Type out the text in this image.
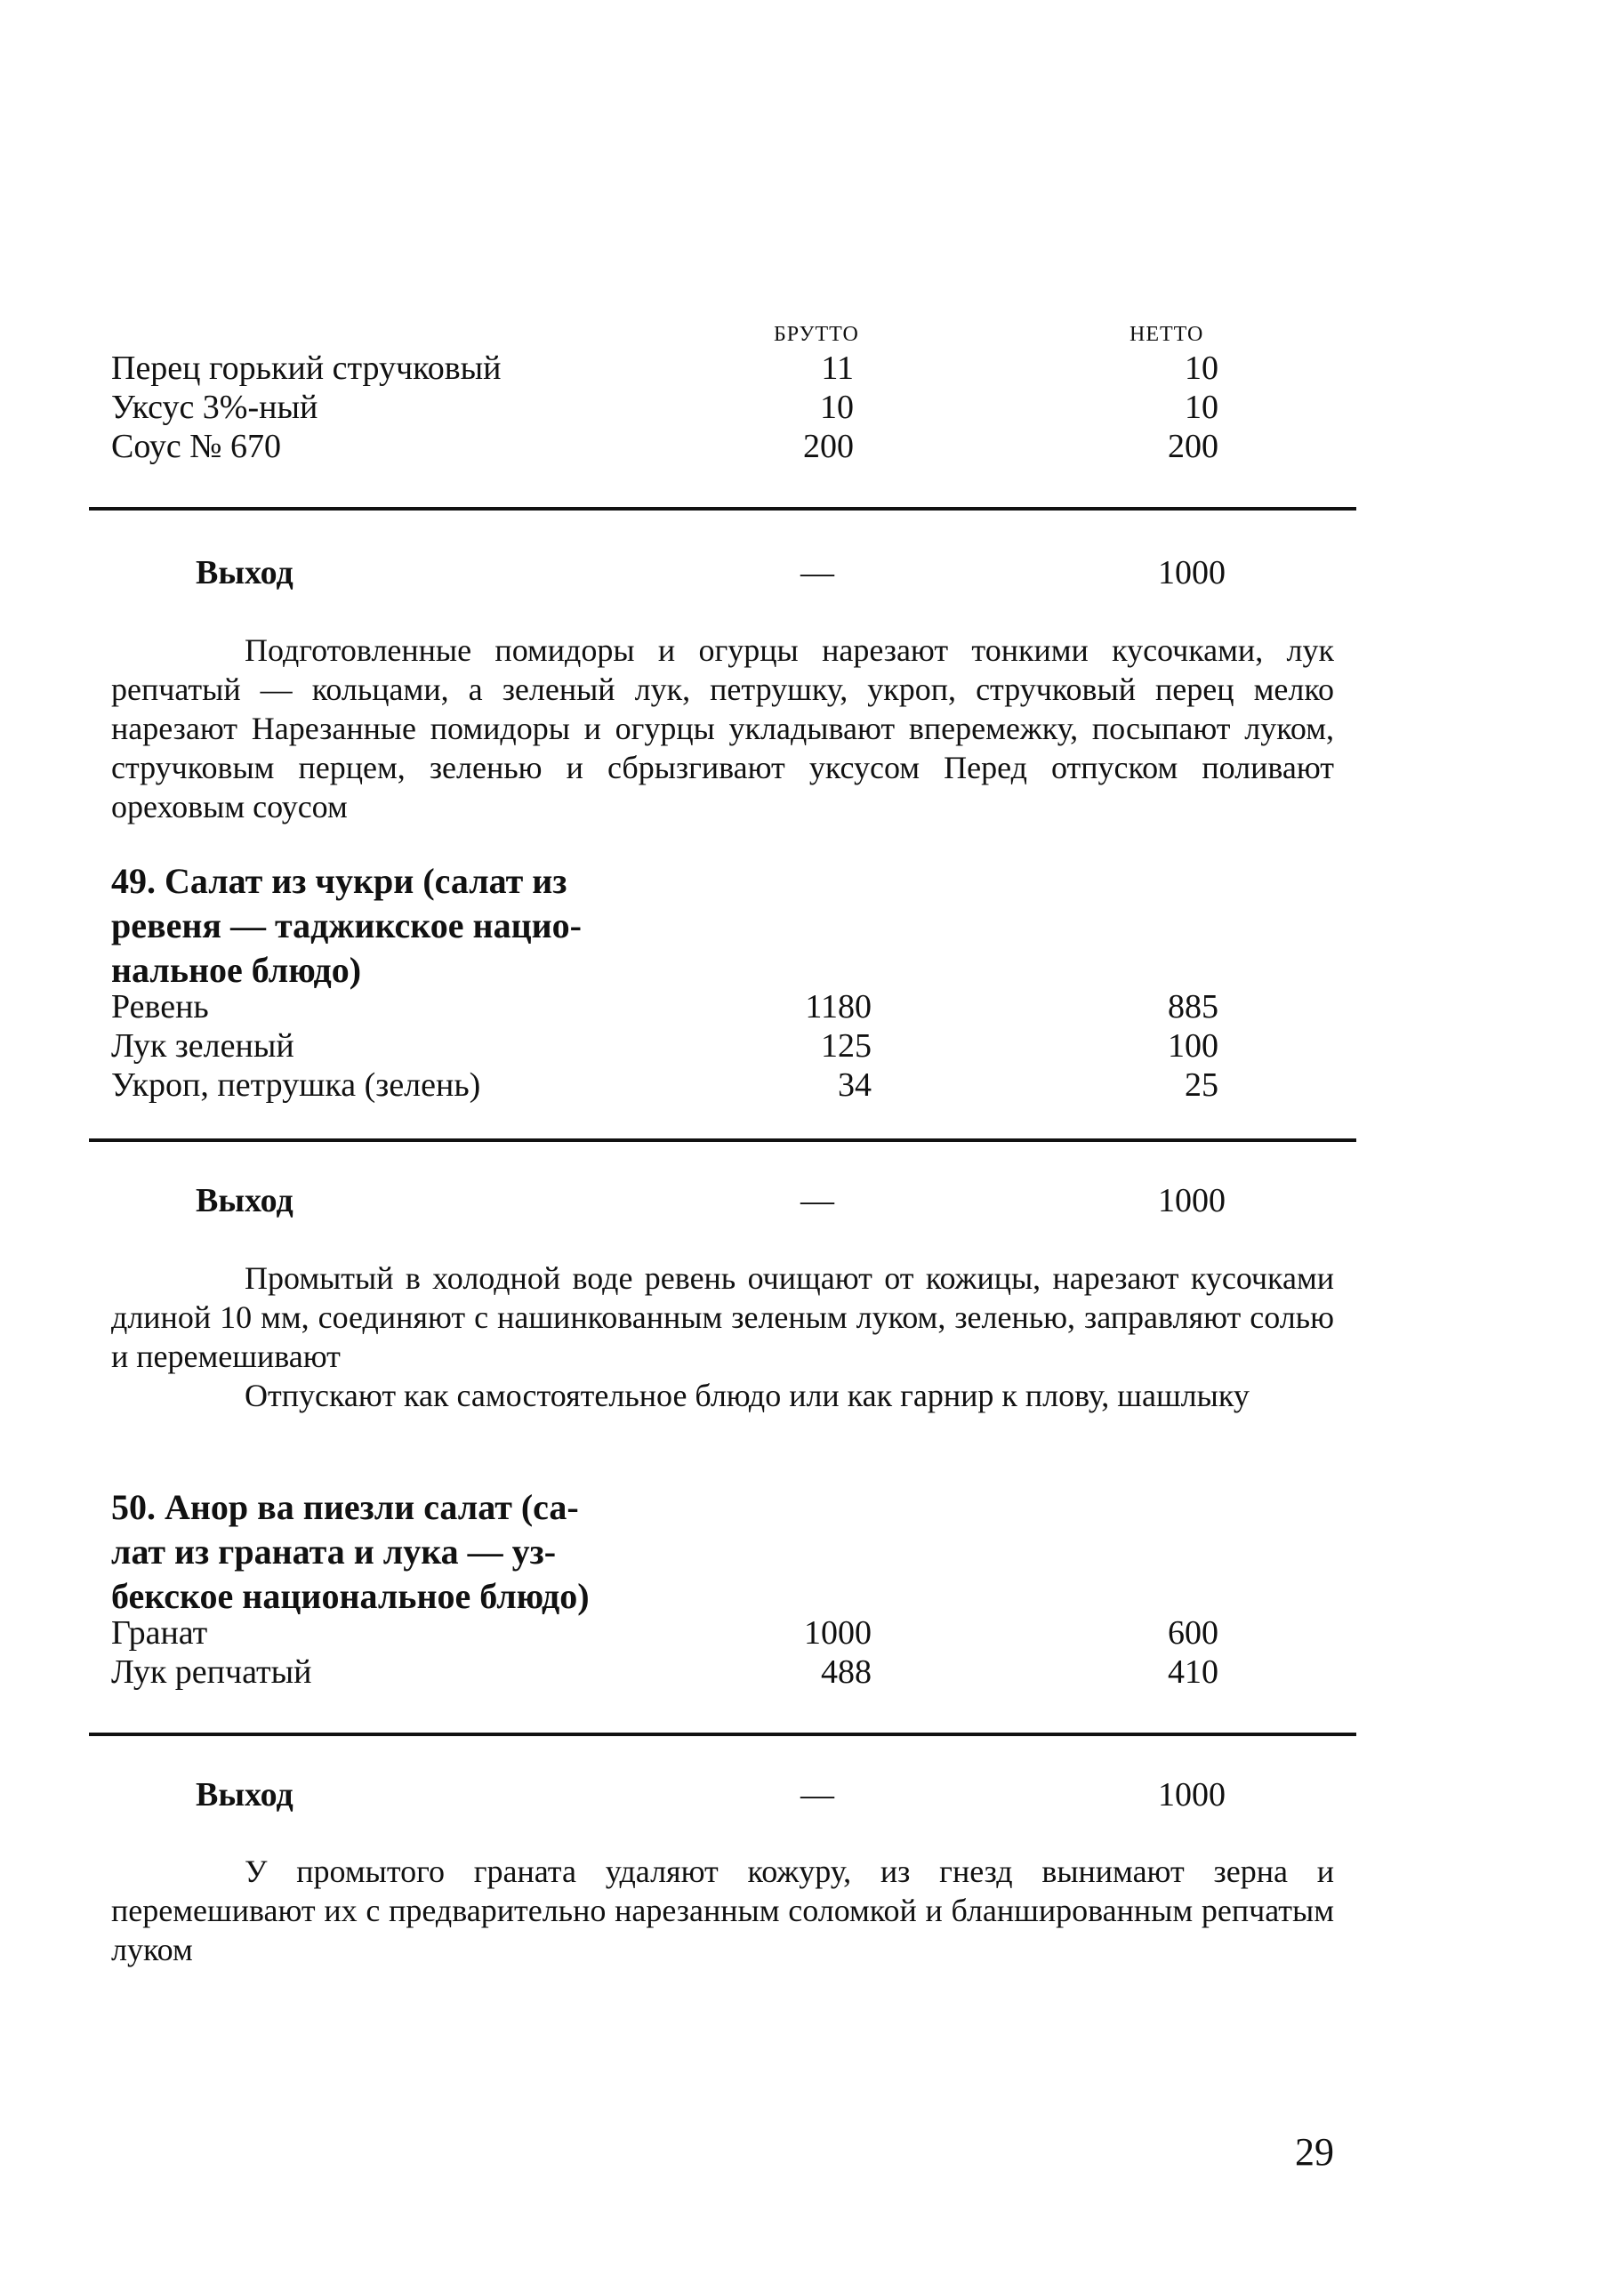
БРУТТО	НЕТТО
Перец горький стручковый	11	10
Уксус 3%-ный	10	10
Соус № 670	200	200
Выход	—	1000

Подготовленные помидоры и огурцы нарезают тонкими кусочками, лук репчатый — кольцами, а зеленый лук, петрушку, укроп, стручковый перец мелко нарезают Нарезанные помидоры и огурцы укладывают вперемежку, посыпают луком, стручковым перцем, зеленью и сбрызгивают уксусом Перед отпуском поливают ореховым соусом

49. Салат из чукри (салат из
ревеня — таджикское нацио-
нальное блюдо)
Ревень	1180	885
Лук зеленый	125	100
Укроп, петрушка (зелень)	34	25
Выход	—	1000

Промытый в холодной воде ревень очищают от кожицы, нарезают кусочками длиной 10 мм, соединяют с нашинкованным зеленым луком, зеленью, заправляют солью и перемешивают

Отпускают как самостоятельное блюдо или как гарнир к плову, шашлыку

50. Анор ва пиезли салат (са-
лат из граната и лука — уз-
бекское национальное блюдо)
Гранат	1000	600
Лук репчатый	488	410
Выход	—	1000

У промытого граната удаляют кожуру, из гнезд вынимают зерна и перемешивают их с предварительно нарезанным соломкой и бланшированным репчатым луком

29
